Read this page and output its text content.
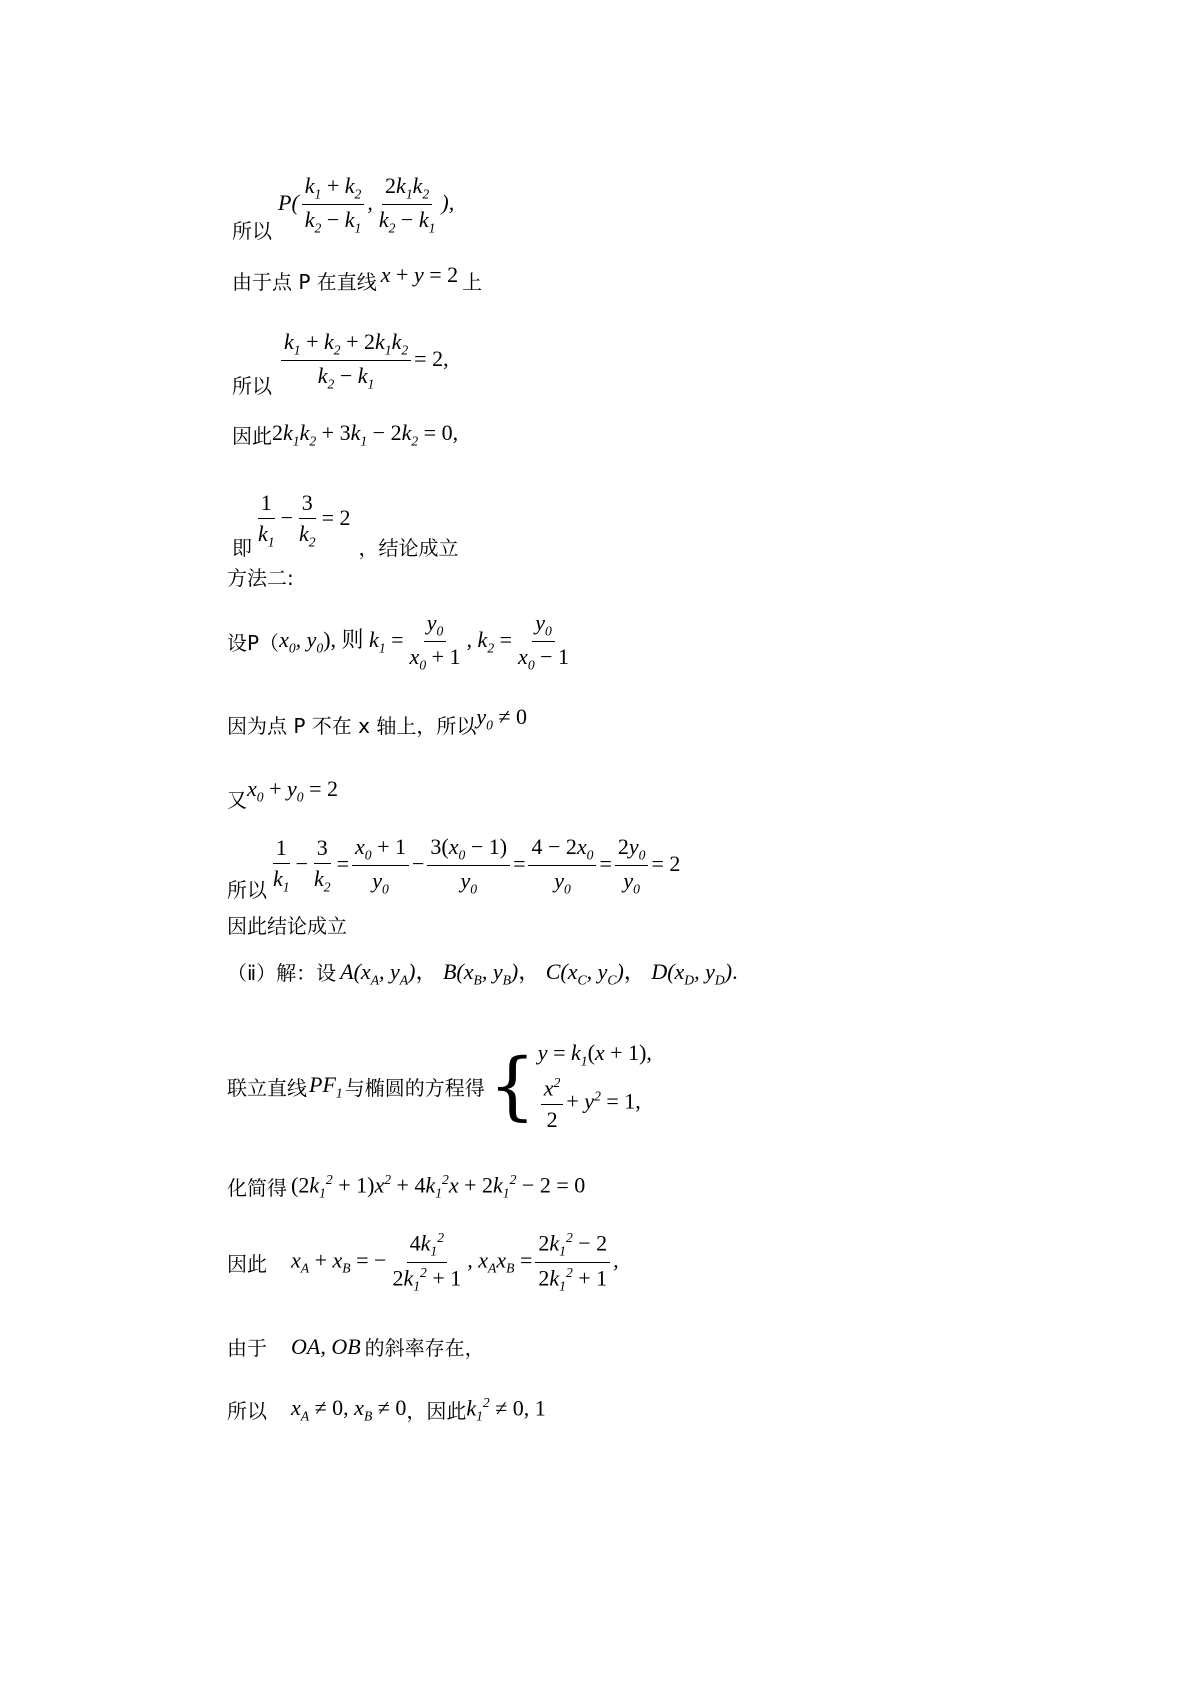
所以
$P( \frac{k_1 + k_2}{k_2 - k_1}$ , $\frac{2k_1k_2}{k_2 - k_1}$ ),
由于点 P 在直线 x + y = 2 上
所以 $\frac{k_1 + k_2 + 2k_1k_2}{k_2 - k_1} = 2$,
因此 $2k_1k_2 + 3k_1 - 2k_2 = 0$,
即 $\frac{1}{k_1} - \frac{3}{k_2} = 2$
，结论成立
方法二:
设P（ $x_0$, $y_0$), 则 $k_1 = \frac{y_0}{x_0 + 1}$ , $k_2 = \frac{y_0}{x_0 - 1}$
因为点 P 不在 x 轴上，所以 $y_0 \ne 0$
又 $x_0 + y_0 = 2$
所以 $\frac{1}{k_1} - \frac{3}{k_2} = \frac{x_0 + 1}{y_0} - \frac{3(x_0 - 1)}{y_0} = \frac{4 - 2x_0}{y_0} = \frac{2y_0}{y_0} = 2$
因此结论成立
（ⅱ）解：设 $A(x_A$, $y_A$)， $B(x_B$, $y_B$)， $C(x_C$, $y_C$)， $D(x_D$, $y_D$).
联立直线 $PF_1$ 与椭圆的方程得 { $y = k_1(x + 1)$,
$\frac{x^2}{2} + y^2 = 1$,
化简得 $(2k_1^2 + 1)x^2 + 4k_1^2x + 2k_1^2 - 2 = 0$
因此 $x_A + x_B$ = − $\frac{4k_1^2}{2k_1^2 + 1}$ , $x_Ax_B = \frac{2k_1^2 - 2}{2k_1^2 + 1}$ ,
由于 OA, OB 的斜率存在，
所以 $x_A \ne 0$, $x_B \ne 0$ ，因此 $k_1^2 \ne 0$, 1
